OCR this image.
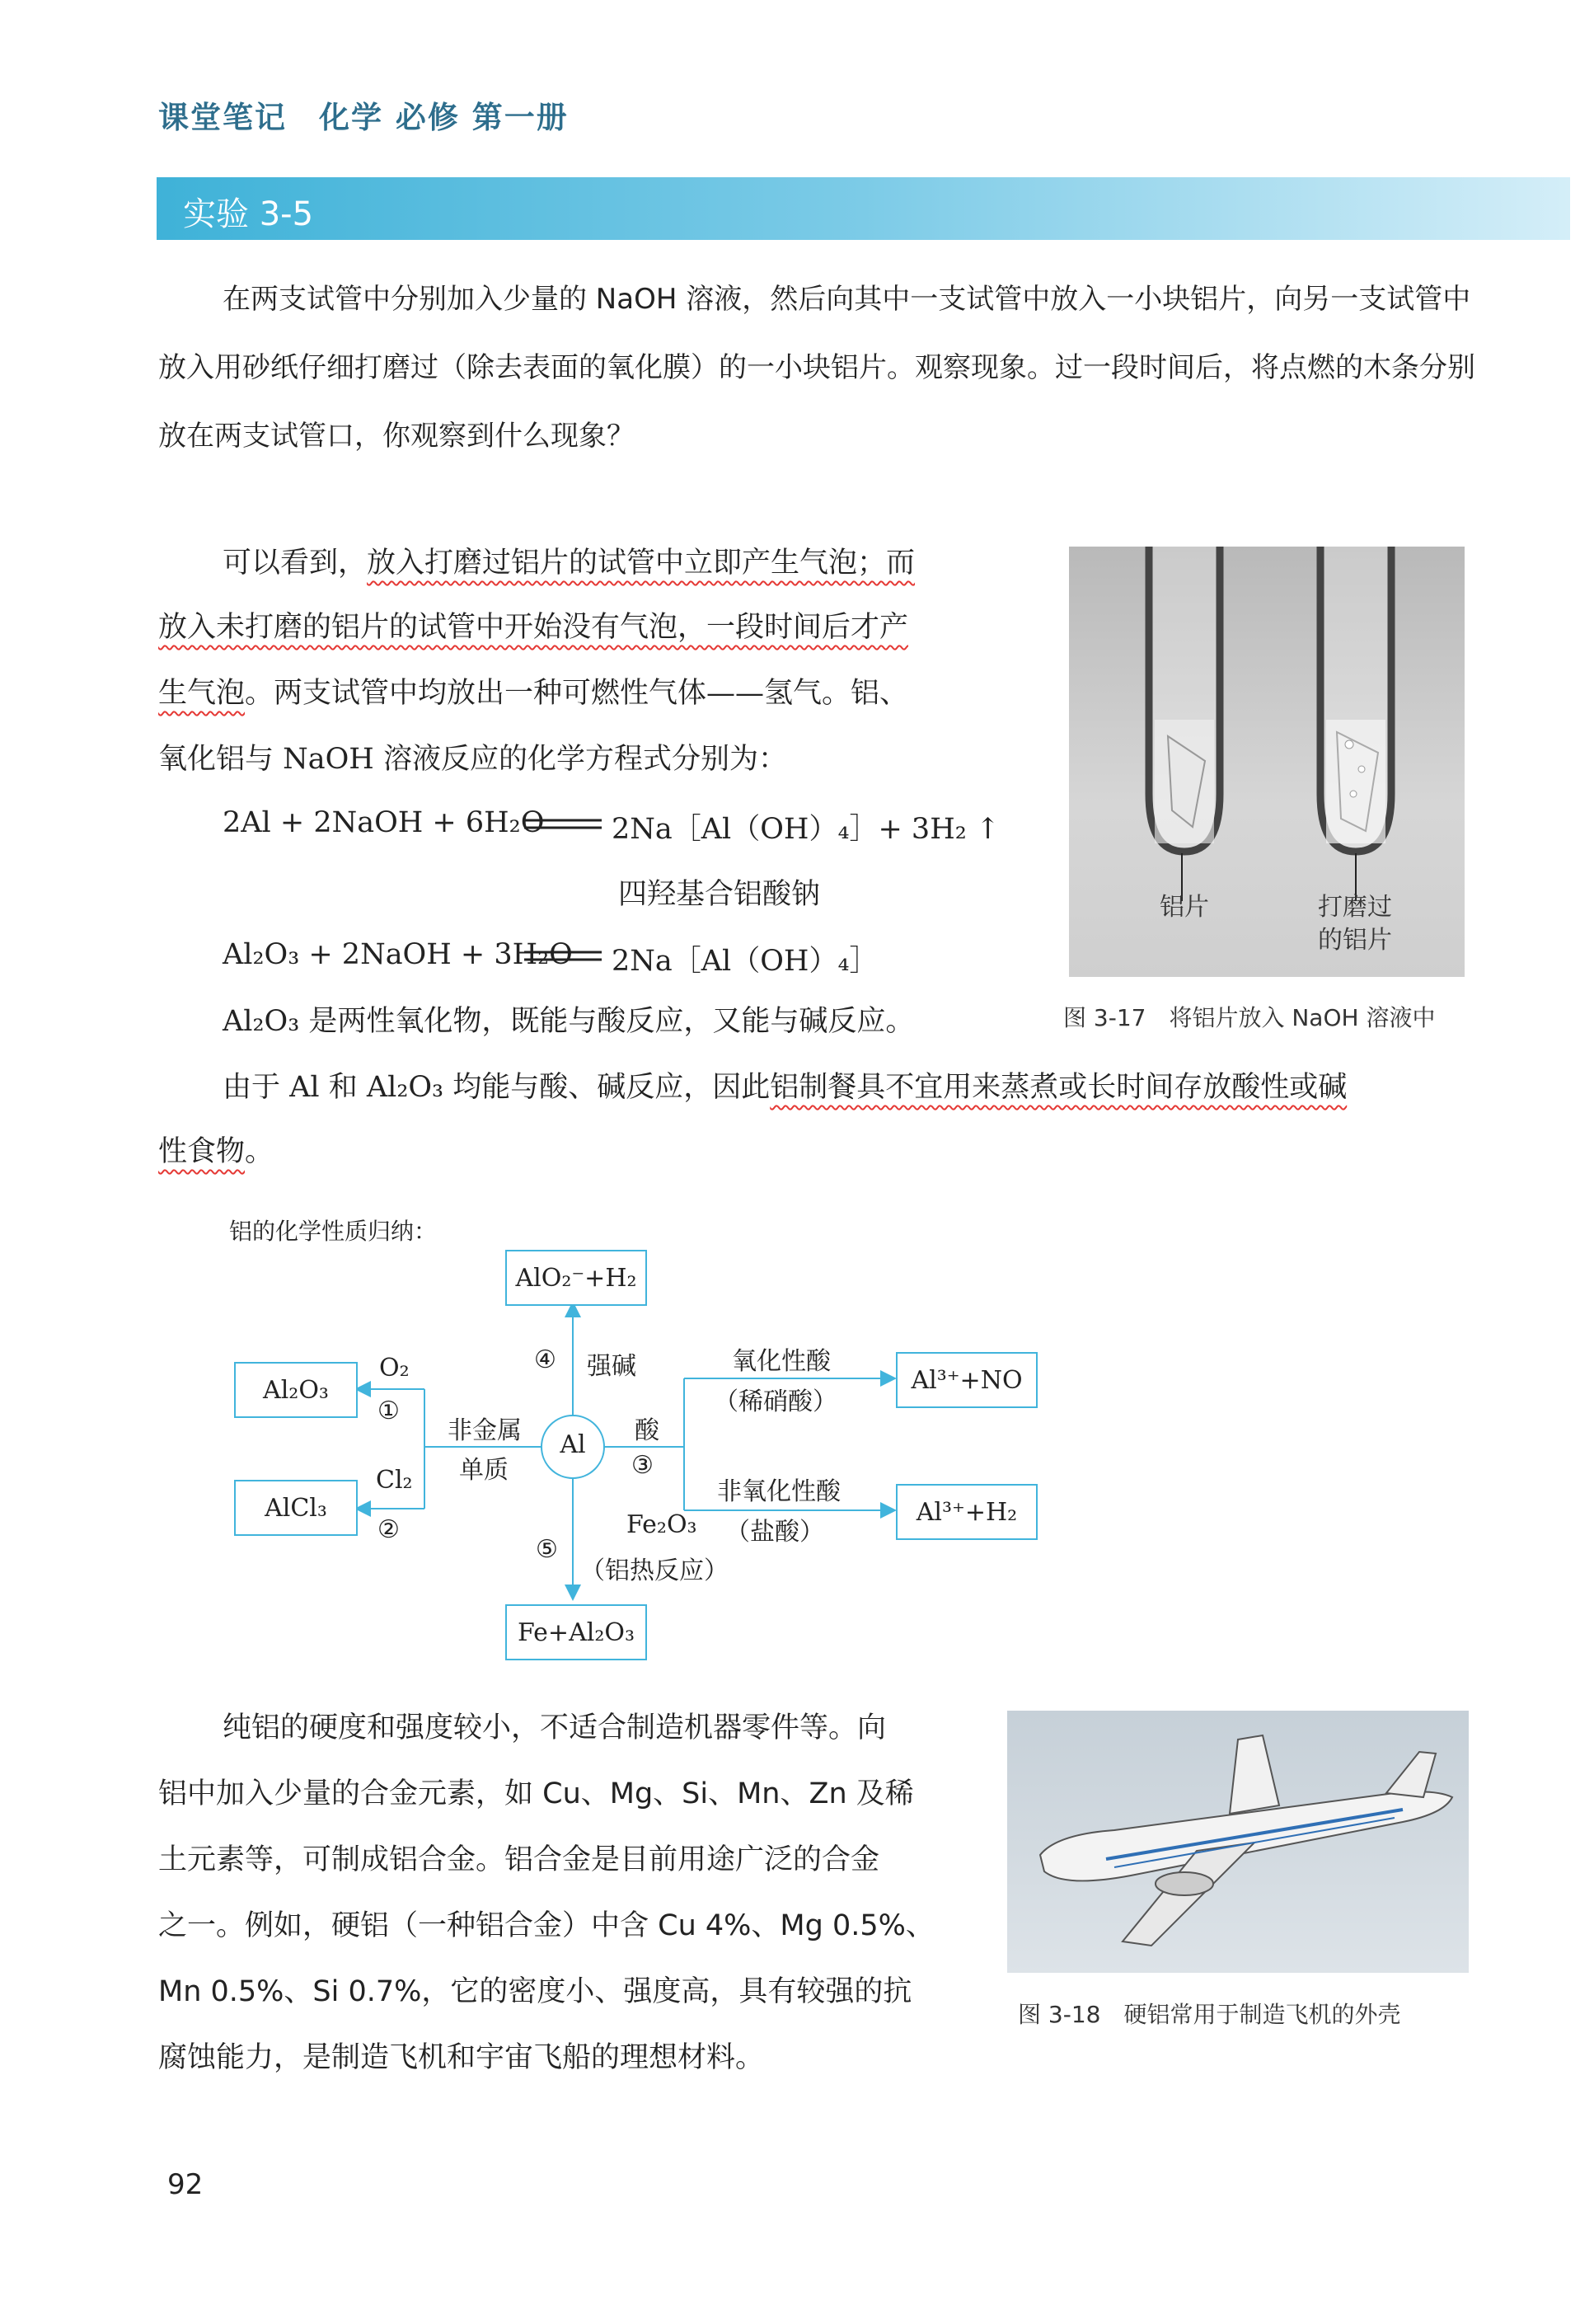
课堂笔记　化学 必修 第一册
实验 3-5
在两支试管中分别加入少量的 NaOH 溶液，然后向其中一支试管中放入一小块铝片，向另一支试管中放入用砂纸仔细打磨过（除去表面的氧化膜）的一小块铝片。观察现象。过一段时间后，将点燃的木条分别放在两支试管口，你观察到什么现象？
可以看到，放入打磨过铝片的试管中立即产生气泡；而
放入未打磨的铝片的试管中开始没有气泡，一段时间后才产
生气泡。两支试管中均放出一种可燃性气体——氢气。铝、
氧化铝与 NaOH 溶液反应的化学方程式分别为：
2Al + 2NaOH + 6H₂O 2Na［Al（OH）₄］+ 3H₂ ↑
四羟基合铝酸钠
Al₂O₃ + 2NaOH + 3H₂O 2Na［Al（OH）₄］
Al₂O₃ 是两性氧化物，既能与酸反应，又能与碱反应。
由于 Al 和 Al₂O₃ 均能与酸、碱反应，因此铝制餐具不宜用来蒸煮或长时间存放酸性或碱
性食物。
铝片	打磨过
的铝片
图 3-17　将铝片放入 NaOH 溶液中
铝的化学性质归纳：
Al
AlO₂⁻+H₂
④ 强碱
Al₂O₃
AlCl₃
O₂
①
Cl₂
②
非金属
单质
酸
③
氧化性酸
（稀硝酸）
非氧化性酸
（盐酸）
Al³⁺+NO
Al³⁺+H₂
Fe₂O₃
⑤
（铝热反应）
Fe+Al₂O₃
纯铝的硬度和强度较小，不适合制造机器零件等。向
铝中加入少量的合金元素，如 Cu、Mg、Si、Mn、Zn 及稀
土元素等，可制成铝合金。铝合金是目前用途广泛的合金
之一。例如，硬铝（一种铝合金）中含 Cu 4%、Mg 0.5%、
Mn 0.5%、Si 0.7%，它的密度小、强度高，具有较强的抗
腐蚀能力，是制造飞机和宇宙飞船的理想材料。
图 3-18　硬铝常用于制造飞机的外壳
92
